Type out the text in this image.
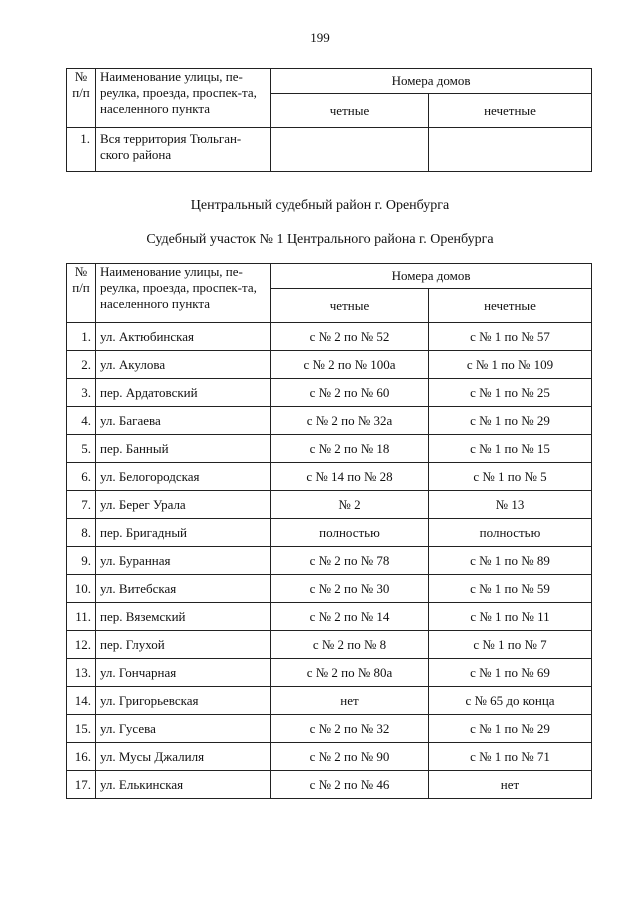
199
№ п/п	Наименование улицы, пе-реулка, проезда, проспек-та, населенного пункта	Номера домов	
		четные	нечетные
1.	Вся территория Тюльган-ского района		
Центральный судебный район г. Оренбурга
Судебный участок № 1 Центрального района г. Оренбурга
№ п/п	Наименование улицы, пе-реулка, проезда, проспек-та, населенного пункта	Номера домов	
		четные	нечетные
1.	ул. Актюбинская	с № 2 по № 52	с № 1 по № 57
2.	ул. Акулова	с № 2 по № 100а	с № 1 по № 109
3.	пер. Ардатовский	с № 2 по № 60	с № 1 по № 25
4.	ул. Багаева	с № 2 по № 32а	с № 1 по № 29
5.	пер. Банный	с № 2 по № 18	с № 1 по № 15
6.	ул. Белогородская	с № 14 по № 28	с № 1 по № 5
7.	ул. Берег Урала	№ 2	№ 13
8.	пер. Бригадный	полностью	полностью
9.	ул. Буранная	с № 2 по № 78	с № 1 по № 89
10.	ул. Витебская	с № 2 по № 30	с № 1 по № 59
11.	пер. Вяземский	с № 2 по № 14	с № 1 по № 11
12.	пер. Глухой	с № 2 по № 8	с № 1 по № 7
13.	ул. Гончарная	с № 2 по № 80а	с № 1 по № 69
14.	ул. Григорьевская	нет	с № 65 до конца
15.	ул. Гусева	с № 2 по № 32	с № 1 по № 29
16.	ул. Мусы Джалиля	с № 2 по № 90	с № 1 по № 71
17.	ул. Елькинская	с № 2 по № 46	нет
